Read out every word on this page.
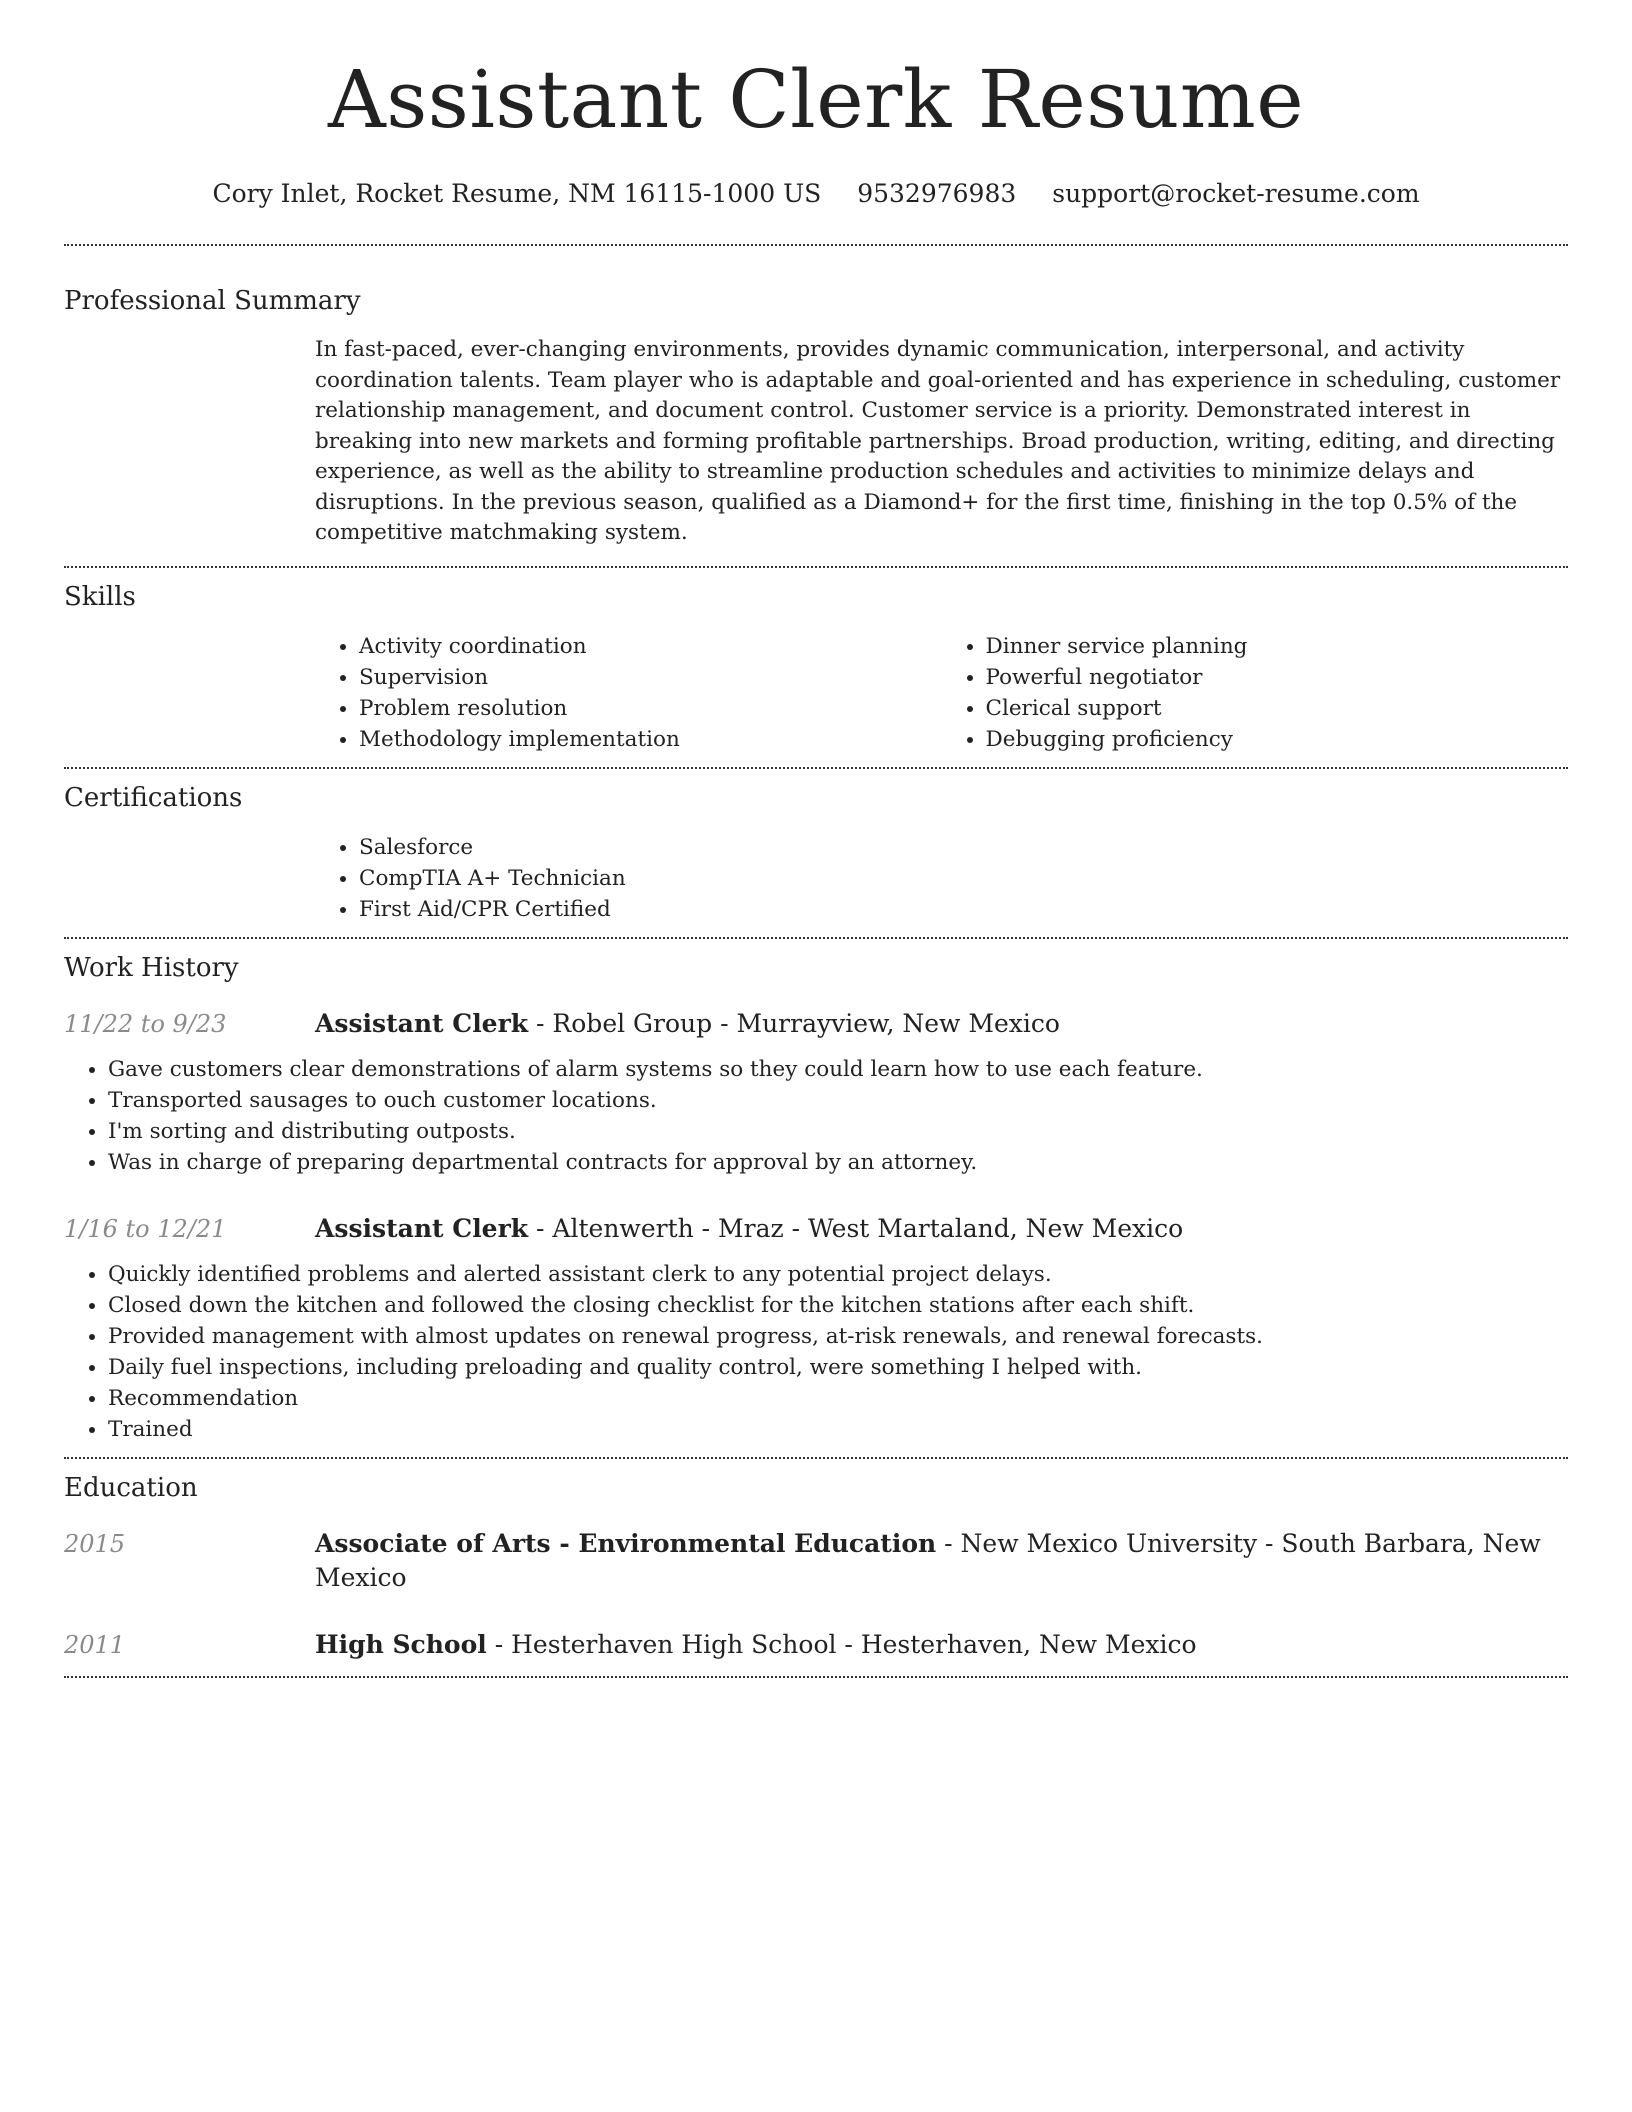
Assistant Clerk Resume
Cory Inlet, Rocket Resume, NM 16115-1000 US 9532976983 support@rocket-resume.com
Professional Summary

In fast-paced, ever-changing environments, provides dynamic communication, interpersonal, and activity coordination talents. Team player who is adaptable and goal-oriented and has experience in scheduling, customer relationship management, and document control. Customer service is a priority. Demonstrated interest in breaking into new markets and forming profitable partnerships. Broad production, writing, editing, and directing experience, as well as the ability to streamline production schedules and activities to minimize delays and disruptions. In the previous season, qualified as a Diamond+ for the first time, finishing in the top 0.5% of the competitive matchmaking system.

Skills
• Activity coordination
• Supervision
• Problem resolution
• Methodology implementation
• Dinner service planning
• Powerful negotiator
• Clerical support
• Debugging proficiency
Certifications
• Salesforce
• CompTIA A+ Technician
• First Aid/CPR Certified
Work History
11/22 to 9/23	Assistant Clerk - Robel Group - Murrayview, New Mexico
• Gave customers clear demonstrations of alarm systems so they could learn how to use each feature.
• Transported sausages to ouch customer locations.
• I'm sorting and distributing outposts.
• Was in charge of preparing departmental contracts for approval by an attorney.
1/16 to 12/21	Assistant Clerk - Altenwerth - Mraz - West Martaland, New Mexico
• Quickly identified problems and alerted assistant clerk to any potential project delays.
• Closed down the kitchen and followed the closing checklist for the kitchen stations after each shift.
• Provided management with almost updates on renewal progress, at-risk renewals, and renewal forecasts.
• Daily fuel inspections, including preloading and quality control, were something I helped with.
• Recommendation
• Trained
Education
2015	Associate of Arts - Environmental Education - New Mexico University - South Barbara, New Mexico
2011	High School - Hesterhaven High School - Hesterhaven, New Mexico
